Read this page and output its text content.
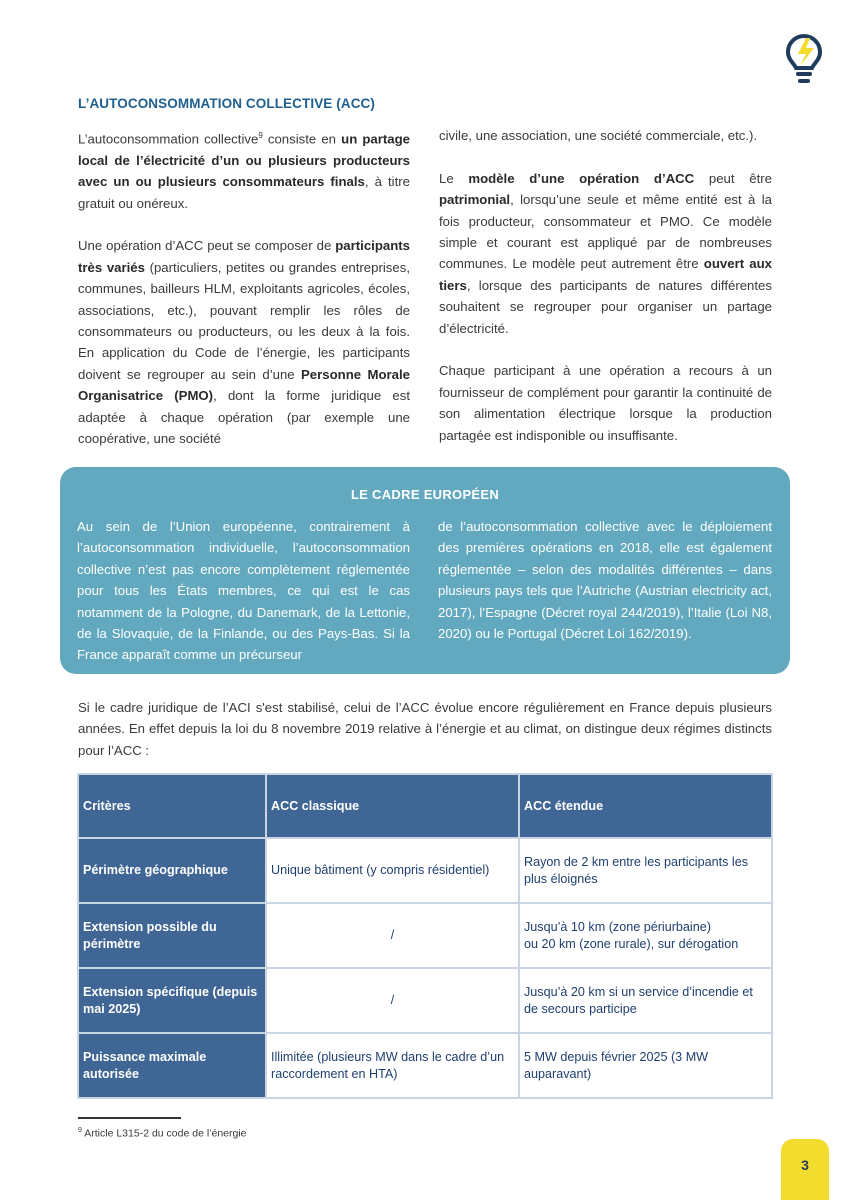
L’AUTOCONSOMMATION COLLECTIVE (ACC)

L’autoconsommation collective$^9$ consiste en un partage local de l’électricité d’un ou plusieurs producteurs avec un ou plusieurs consommateurs finals, à titre gratuit ou onéreux.

Une opération d’ACC peut se composer de participants très variés (particuliers, petites ou grandes entreprises, communes, bailleurs HLM, exploitants agricoles, écoles, associations, etc.), pouvant remplir les rôles de consommateurs ou producteurs, ou les deux à la fois. En application du Code de l’énergie, les participants doivent se regrouper au sein d’une Personne Morale Organisatrice (PMO), dont la forme juridique est adaptée à chaque opération (par exemple une coopérative, une société

civile, une association, une société commerciale, etc.).

Le modèle d’une opération d’ACC peut être patrimonial, lorsqu’une seule et même entité est à la fois producteur, consommateur et PMO. Ce modèle simple et courant est appliqué par de nombreuses communes. Le modèle peut autrement être ouvert aux tiers, lorsque des participants de natures différentes souhaitent se regrouper pour organiser un partage d’électricité.

Chaque participant à une opération a recours à un fournisseur de complément pour garantir la continuité de son alimentation électrique lorsque la production partagée est indisponible ou insuffisante.

LE CADRE EUROPÉEN

Au sein de l’Union européenne, contrairement à l’autoconsommation individuelle, l’autoconsommation collective n’est pas encore complètement réglementée pour tous les États membres, ce qui est le cas notamment de la Pologne, du Danemark, de la Lettonie, de la Slovaquie, de la Finlande, ou des Pays-Bas. Si la France apparaît comme un précurseur

de l’autoconsommation collective avec le déploiement des premières opérations en 2018, elle est également réglementée – selon des modalités différentes – dans plusieurs pays tels que l’Autriche (Austrian electricity act, 2017), l’Espagne (Décret royal 244/2019), l’Italie (Loi N8, 2020) ou le Portugal (Décret Loi 162/2019).

Si le cadre juridique de l’ACI s'est stabilisé, celui de l’ACC évolue encore régulièrement en France depuis plusieurs années. En effet depuis la loi du 8 novembre 2019 relative à l’énergie et au climat, on distingue deux régimes distincts pour l’ACC :

Critères	ACC classique	ACC étendue
Périmètre géographique	Unique bâtiment (y compris résidentiel)	Rayon de 2 km entre les participants les plus éloignés
Extension possible du périmètre	/	Jusqu’à 10 km (zone périurbaine)
ou 20 km (zone rurale), sur dérogation
Extension spécifique (depuis mai 2025)	/	Jusqu’à 20 km si un service d’incendie et de secours participe
Puissance maximale autorisée	Illimitée (plusieurs MW dans le cadre d’un raccordement en HTA)	5 MW depuis février 2025 (3 MW auparavant)
$^9$ Article L315-2 du code de l’énergie
3
